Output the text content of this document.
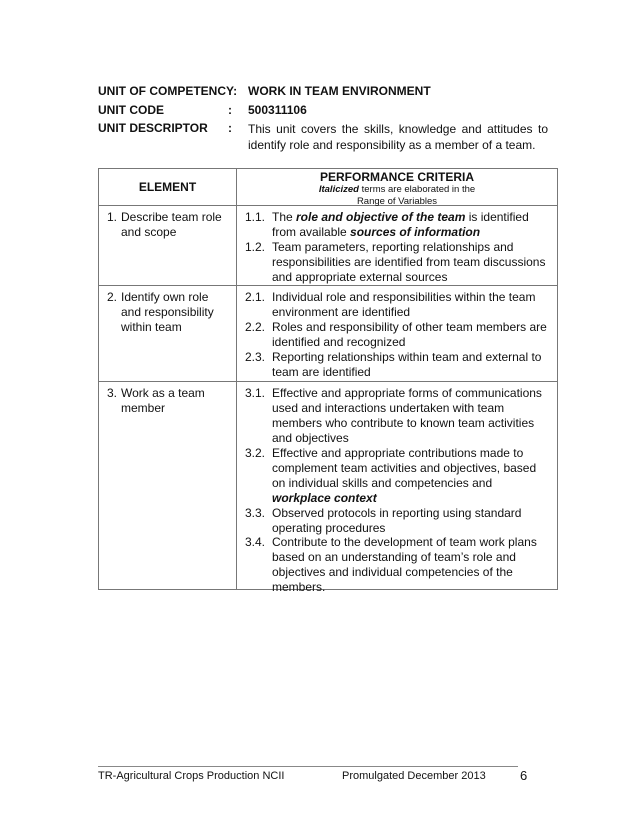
UNIT OF COMPETENCY: WORK IN TEAM ENVIRONMENT
UNIT CODE	: 500311106
UNIT DESCRIPTOR : This unit covers the skills, knowledge and attitudes to identify role and responsibility as a member of a team.
ELEMENT
PERFORMANCE CRITERIA
Italicized terms are elaborated in the
Range of Variables
1. Describe team role and scope
1.1. The role and objective of the team is identified from available sources of information
1.2. Team parameters, reporting relationships and responsibilities are identified from team discussions and appropriate external sources
2. Identify own role and responsibility within team
2.1. Individual role and responsibilities within the team environment are identified
2.2. Roles and responsibility of other team members are identified and recognized
2.3. Reporting relationships within team and external to team are identified
3. Work as a team member
3.1. Effective and appropriate forms of communications used and interactions undertaken with team members who contribute to known team activities and objectives
3.2. Effective and appropriate contributions made to complement team activities and objectives, based on individual skills and competencies and workplace context
3.3. Observed protocols in reporting using standard operating procedures
3.4. Contribute to the development of team work plans based on an understanding of team’s role and objectives and individual competencies of the members.
TR-Agricultural Crops Production NCII	Promulgated December 2013	6
